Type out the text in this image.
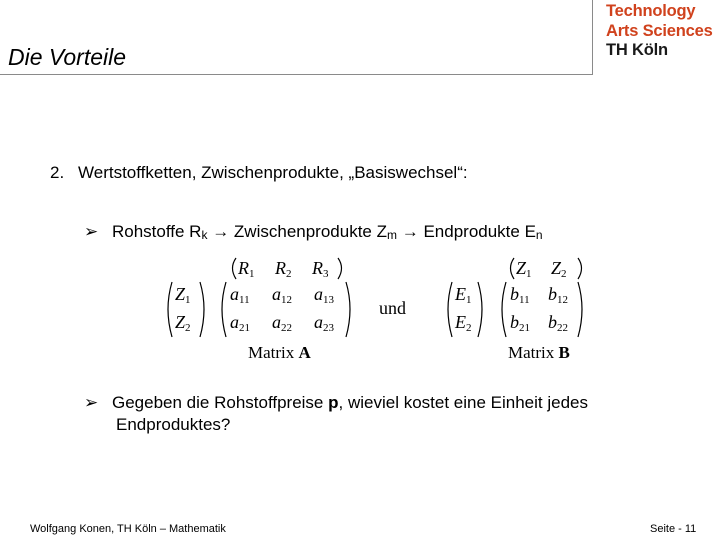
Die Vorteile
Technology
Arts Sciences
TH Köln
2. Wertstoffketten, Zwischenprodukte, „Basiswechsel“:
➢ Rohstoffe Rk → Zwischenprodukte Zm → Endprodukte En
R1 R2 R3
Z1
Z2
a11 a12 a13
a21 a22 a23
Matrix A
und
Z1 Z2
E1
E2
b11 b12
b21 b22
Matrix B
➢ Gegeben die Rohstoffpreise p, wieviel kostet eine Einheit jedes
Endproduktes?
Wolfgang Konen, TH Köln – Mathematik	Seite - 11
